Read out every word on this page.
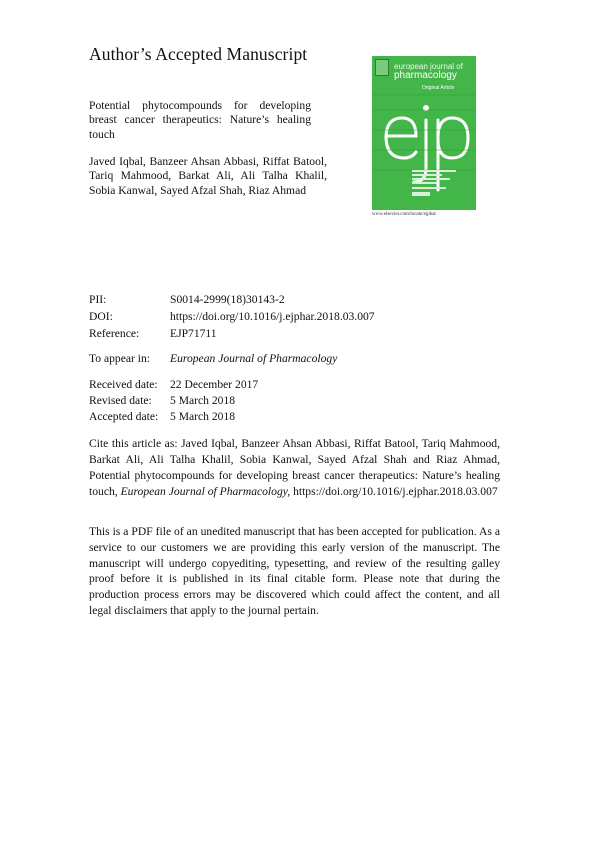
Author’s Accepted Manuscript
Potential phytocompounds for developing breast cancer therapeutics: Nature’s healing touch
Javed Iqbal, Banzeer Ahsan Abbasi, Riffat Batool, Tariq Mahmood, Barkat Ali, Ali Talha Khalil, Sobia Kanwal, Sayed Afzal Shah, Riaz Ahmad
european journal of
pharmacology
Original Article
www.elsevier.com/locate/ejphar
PII:	S0014-2999(18)30143-2
DOI:	https://doi.org/10.1016/j.ejphar.2018.03.007
Reference:	EJP71711
To appear in: European Journal of Pharmacology
Received date: 22 December 2017
Revised date: 5 March 2018
Accepted date: 5 March 2018
Cite this article as: Javed Iqbal, Banzeer Ahsan Abbasi, Riffat Batool, Tariq Mahmood, Barkat Ali, Ali Talha Khalil, Sobia Kanwal, Sayed Afzal Shah and Riaz Ahmad, Potential phytocompounds for developing breast cancer therapeutics: Nature’s healing touch, European Journal of Pharmacology, https://doi.org/10.1016/j.ejphar.2018.03.007
This is a PDF file of an unedited manuscript that has been accepted for publication. As a service to our customers we are providing this early version of the manuscript. The manuscript will undergo copyediting, typesetting, and review of the resulting galley proof before it is published in its final citable form. Please note that during the production process errors may be discovered which could affect the content, and all legal disclaimers that apply to the journal pertain.
